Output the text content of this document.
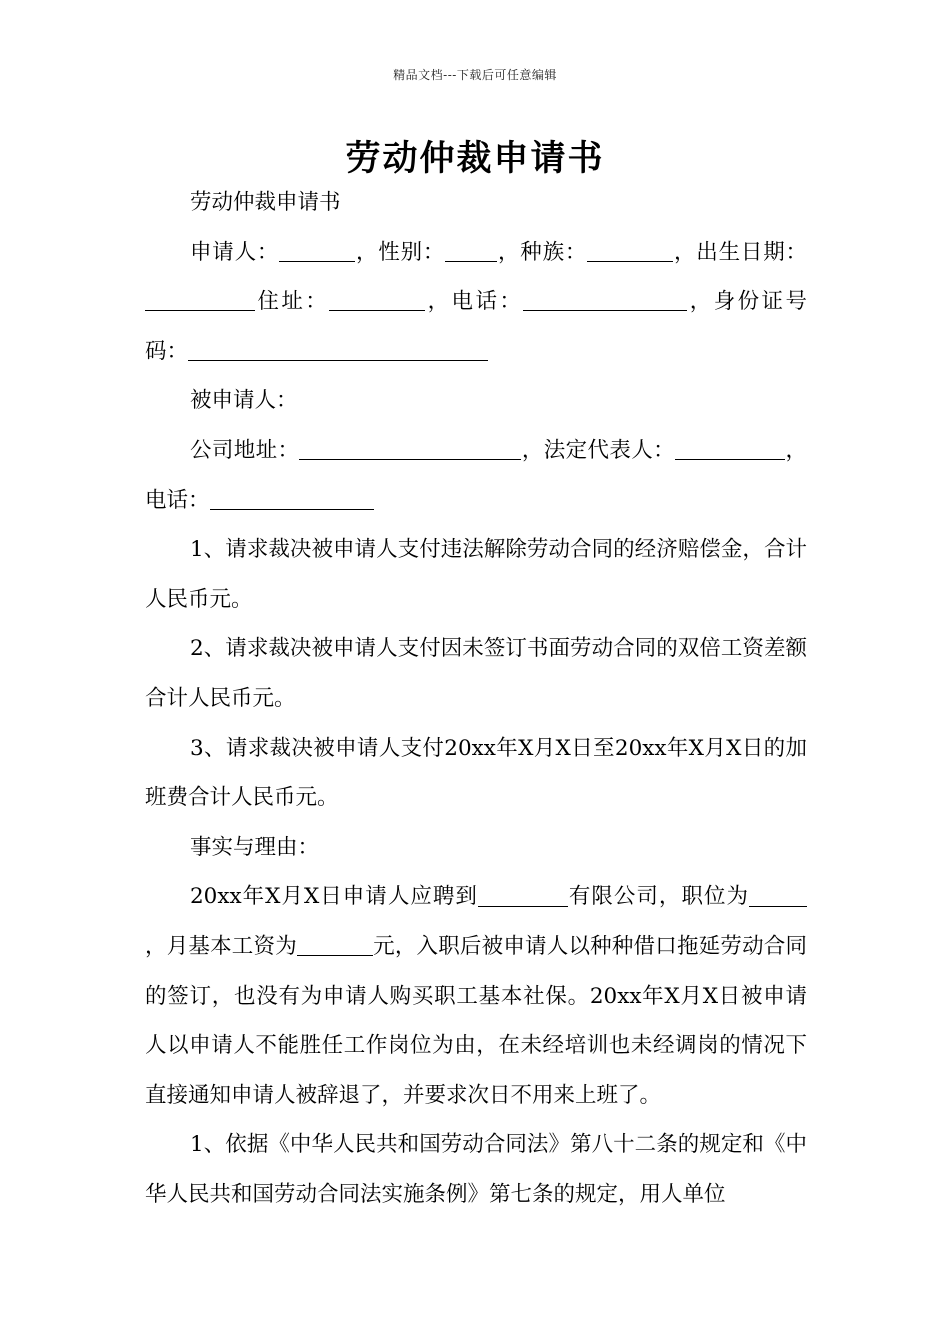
精品文档---下载后可任意编辑
劳动仲裁申请书

劳动仲裁申请书

申请人：	，性别： ，种族：	，出生日期：住址：	，电话：	，身份证号码：

被申请人：

公司地址：	，法定代表人：	，电话：

1、请求裁决被申请人支付违法解除劳动合同的经济赔偿金，合计人民币元。

2、请求裁决被申请人支付因未签订书面劳动合同的双倍工资差额合计人民币元。

3、请求裁决被申请人支付20xx年X月X日至20xx年X月X日的加班费合计人民币元。

事实与理由：

20xx年X月X日申请人应聘到	有限公司，职位为，月基本工资为	元，入职后被申请人以种种借口拖延劳动合同的签订，也没有为申请人购买职工基本社保。20xx年X月X日被申请人以申请人不能胜任工作岗位为由，在未经培训也未经调岗的情况下直接通知申请人被辞退了，并要求次日不用来上班了。

1、依据《中华人民共和国劳动合同法》第八十二条的规定和《中华人民共和国劳动合同法实施条例》第七条的规定，用人单位
